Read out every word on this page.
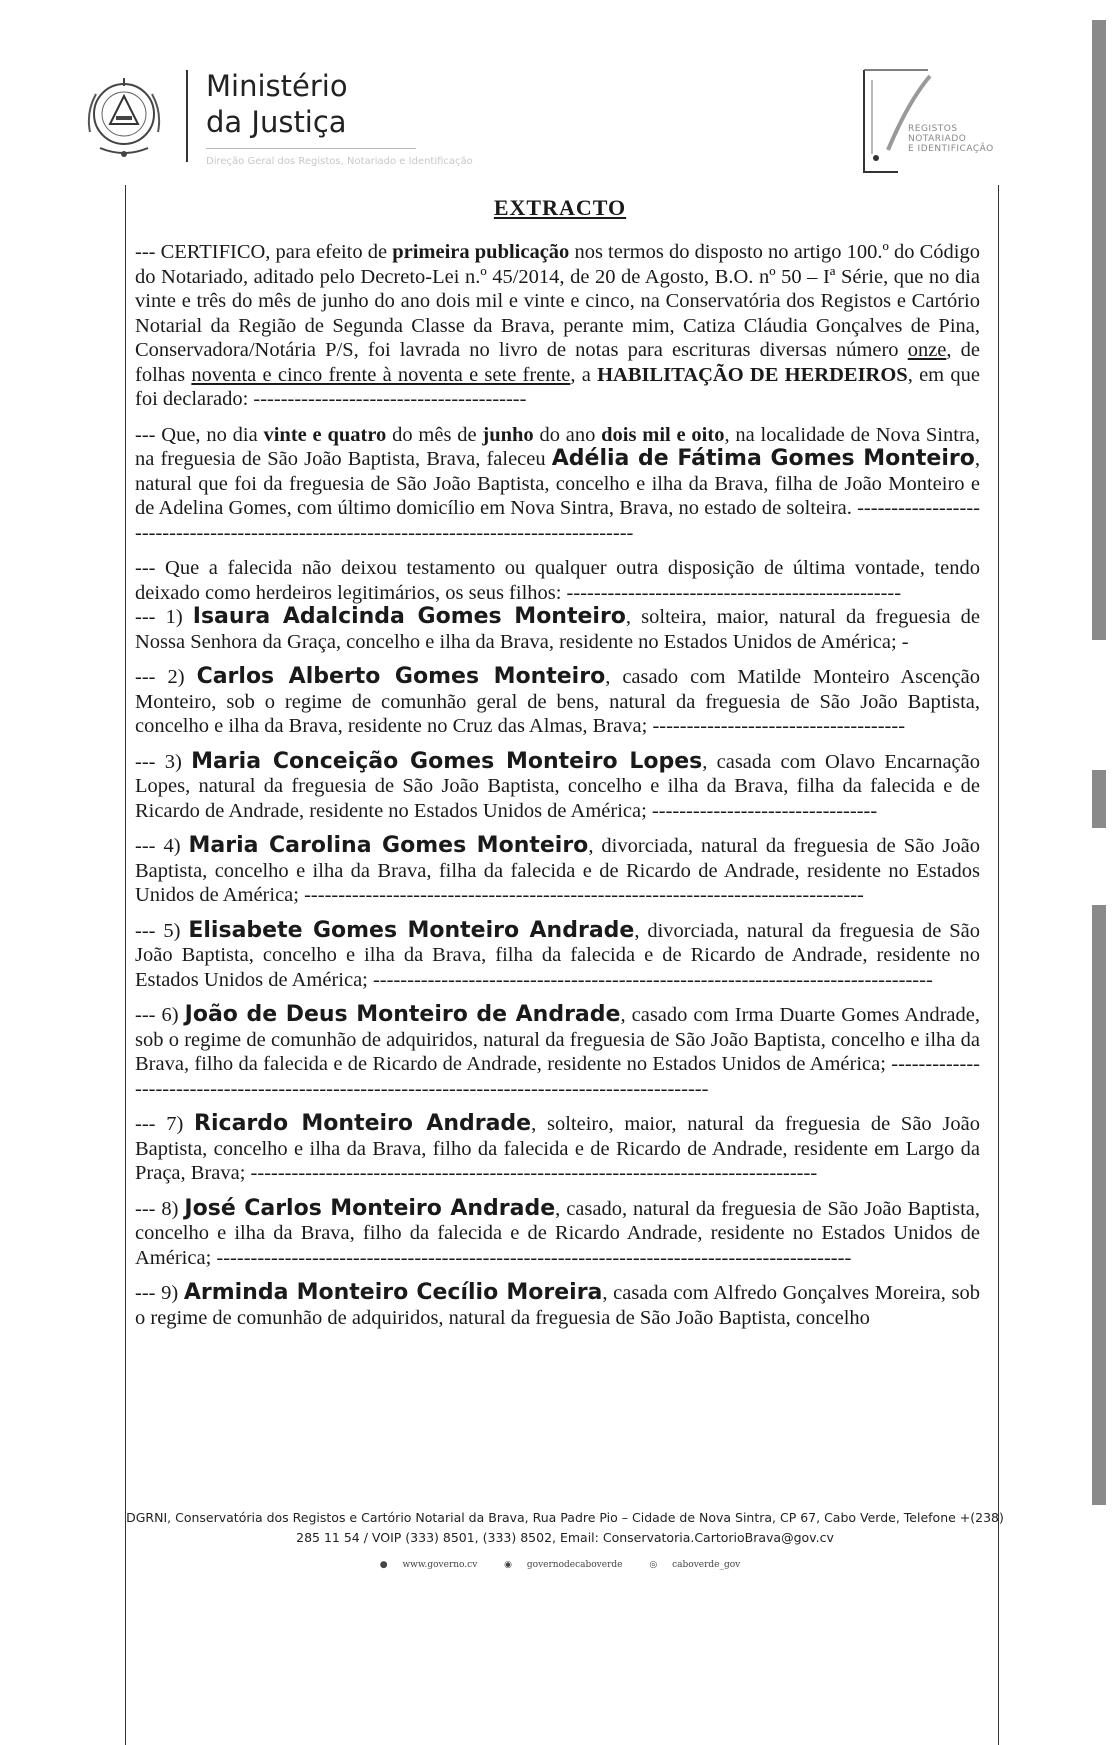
Ministério
da Justiça
Direção Geral dos Registos, Notariado e Identificação
REGISTOS
NOTARIADO
E IDENTIFICAÇÃO
EXTRACTO

--- CERTIFICO, para efeito de primeira publicação nos termos do disposto no artigo 100.º do Código do Notariado, aditado pelo Decreto-Lei n.º 45/2014, de 20 de Agosto, B.O. nº 50 – Iª Série, que no dia vinte e três do mês de junho do ano dois mil e vinte e cinco, na Conservatória dos Registos e Cartório Notarial da Região de Segunda Classe da Brava, perante mim, Catiza Cláudia Gonçalves de Pina, Conservadora/Notária P/S, foi lavrada no livro de notas para escrituras diversas número onze, de folhas noventa e cinco frente à noventa e sete frente, a HABILITAÇÃO DE HERDEIROS, em que foi declarado: ----------------------------------------

--- Que, no dia vinte e quatro do mês de junho do ano dois mil e oito, na localidade de Nova Sintra, na freguesia de São João Baptista, Brava, faleceu Adélia de Fátima Gomes Monteiro, natural que foi da freguesia de São João Baptista, concelho e ilha da Brava, filha de João Monteiro e de Adelina Gomes, com último domicílio em Nova Sintra, Brava, no estado de solteira. -------------------------------------------------------------------------------------------

--- Que a falecida não deixou testamento ou qualquer outra disposição de última vontade, tendo deixado como herdeiros legitimários, os seus filhos: -------------------------------------------------

--- 1) Isaura Adalcinda Gomes Monteiro, solteira, maior, natural da freguesia de Nossa Senhora da Graça, concelho e ilha da Brava, residente no Estados Unidos de América; -

--- 2) Carlos Alberto Gomes Monteiro, casado com Matilde Monteiro Ascenção Monteiro, sob o regime de comunhão geral de bens, natural da freguesia de São João Baptista, concelho e ilha da Brava, residente no Cruz das Almas, Brava; -------------------------------------

--- 3) Maria Conceição Gomes Monteiro Lopes, casada com Olavo Encarnação Lopes, natural da freguesia de São João Baptista, concelho e ilha da Brava, filha da falecida e de Ricardo de Andrade, residente no Estados Unidos de América; ---------------------------------

--- 4) Maria Carolina Gomes Monteiro, divorciada, natural da freguesia de São João Baptista, concelho e ilha da Brava, filha da falecida e de Ricardo de Andrade, residente no Estados Unidos de América; ----------------------------------------------------------------------------------

--- 5) Elisabete Gomes Monteiro Andrade, divorciada, natural da freguesia de São João Baptista, concelho e ilha da Brava, filha da falecida e de Ricardo de Andrade, residente no Estados Unidos de América; ----------------------------------------------------------------------------------

--- 6) João de Deus Monteiro de Andrade, casado com Irma Duarte Gomes Andrade, sob o regime de comunhão de adquiridos, natural da freguesia de São João Baptista, concelho e ilha da Brava, filho da falecida e de Ricardo de Andrade, residente no Estados Unidos de América; -------------------------------------------------------------------------------------------------

--- 7) Ricardo Monteiro Andrade, solteiro, maior, natural da freguesia de São João Baptista, concelho e ilha da Brava, filho da falecida e de Ricardo de Andrade, residente em Largo da Praça, Brava; -----------------------------------------------------------------------------------

--- 8) José Carlos Monteiro Andrade, casado, natural da freguesia de São João Baptista, concelho e ilha da Brava, filho da falecida e de Ricardo Andrade, residente no Estados Unidos de América; ---------------------------------------------------------------------------------------------

--- 9) Arminda Monteiro Cecílio Moreira, casada com Alfredo Gonçalves Moreira, sob o regime de comunhão de adquiridos, natural da freguesia de São João Baptista, concelho

DGRNI, Conservatória dos Registos e Cartório Notarial da Brava, Rua Padre Pio – Cidade de Nova Sintra, CP 67, Cabo Verde, Telefone +(238)
285 11 54 / VOIP (333) 8501, (333) 8502, Email: Conservatoria.CartorioBrava@gov.cv
● www.governo.cv	◉ governodecaboverde	◎ caboverde_gov
